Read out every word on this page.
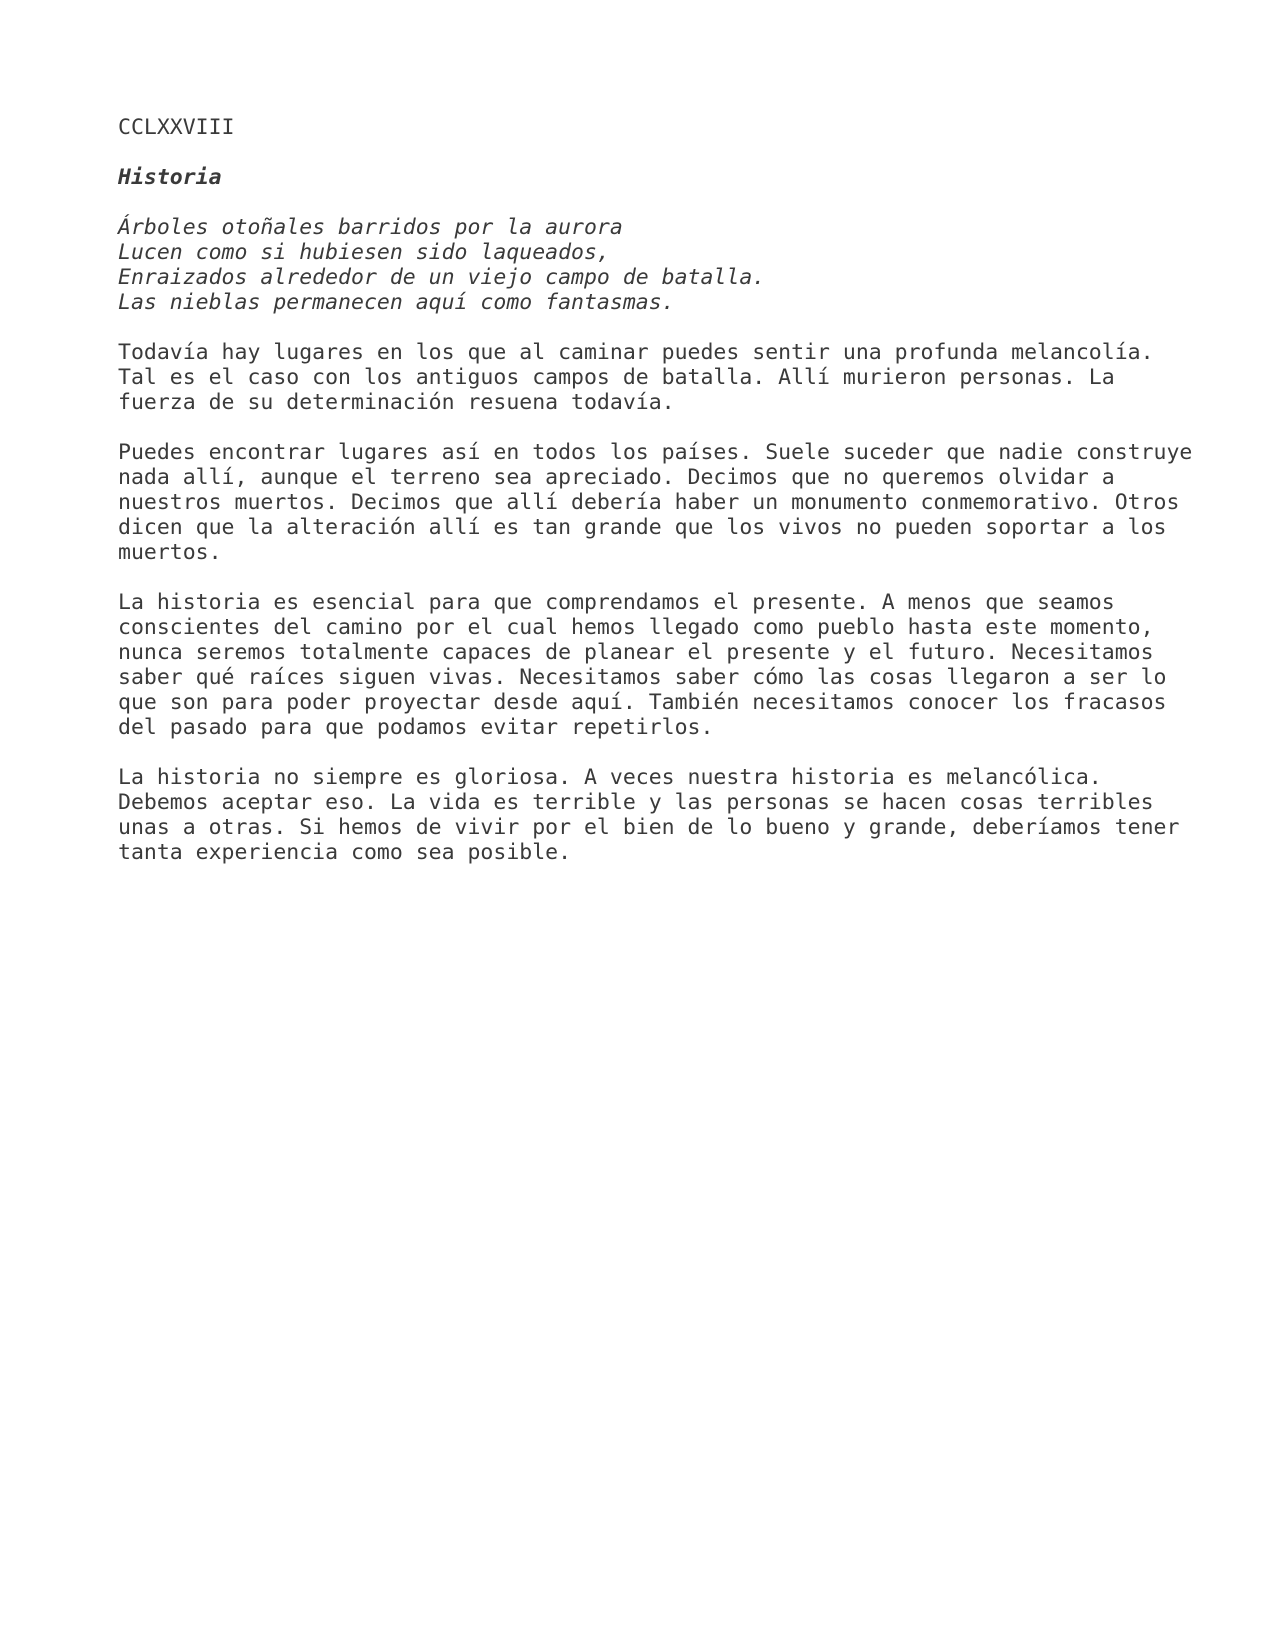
CCLXXVIII
Historia
Árboles otoñales barridos por la aurora
Lucen como si hubiesen sido laqueados,
Enraizados alrededor de un viejo campo de batalla.
Las nieblas permanecen aquí como fantasmas.
Todavía hay lugares en los que al caminar puedes sentir una profunda melancolía.
Tal es el caso con los antiguos campos de batalla. Allí murieron personas. La
fuerza de su determinación resuena todavía.
Puedes encontrar lugares así en todos los países. Suele suceder que nadie construye
nada allí, aunque el terreno sea apreciado. Decimos que no queremos olvidar a
nuestros muertos. Decimos que allí debería haber un monumento conmemorativo. Otros
dicen que la alteración allí es tan grande que los vivos no pueden soportar a los
muertos.
La historia es esencial para que comprendamos el presente. A menos que seamos
conscientes del camino por el cual hemos llegado como pueblo hasta este momento,
nunca seremos totalmente capaces de planear el presente y el futuro. Necesitamos
saber qué raíces siguen vivas. Necesitamos saber cómo las cosas llegaron a ser lo
que son para poder proyectar desde aquí. También necesitamos conocer los fracasos
del pasado para que podamos evitar repetirlos.
La historia no siempre es gloriosa. A veces nuestra historia es melancólica.
Debemos aceptar eso. La vida es terrible y las personas se hacen cosas terribles
unas a otras. Si hemos de vivir por el bien de lo bueno y grande, deberíamos tener
tanta experiencia como sea posible.
